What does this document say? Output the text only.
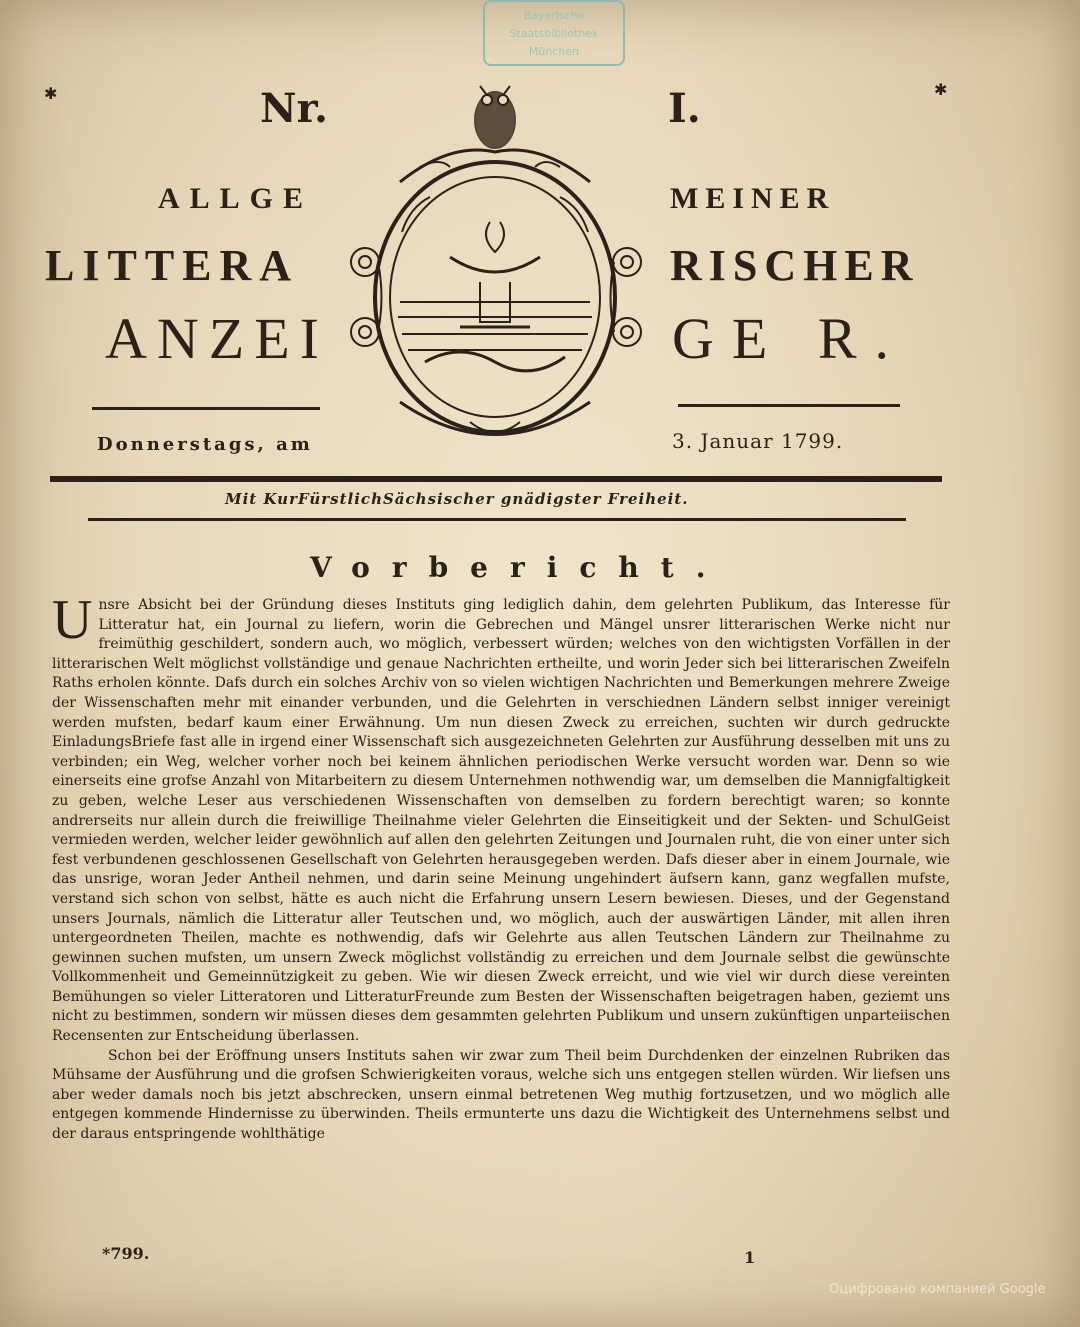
Bayerische
Staatsbibliothek
München
✱	✱
Nr.	I.
ALLGE	MEINER
LITTERA	RISCHER
ANZEI	GE R.
Donnerstags, am	3. Januar 1799.
Mit KurFürstlichSächsischer gnädigster Freiheit.
Vorbericht.

Unsre Absicht bei der Gründung dieses Instituts ging lediglich dahin, dem gelehrten Publikum, das Interesse für Litteratur hat, ein Journal zu liefern, worin die Gebrechen und Mängel unsrer litterarischen Werke nicht nur freimüthig geschildert, sondern auch, wo möglich, verbessert würden; welches von den wichtigsten Vorfällen in der litterarischen Welt möglichst vollständige und genaue Nachrichten ertheilte, und worin Jeder sich bei litterarischen Zweifeln Raths erholen könnte. Dafs durch ein solches Archiv von so vielen wichtigen Nachrichten und Bemerkungen mehrere Zweige der Wissenschaften mehr mit einander verbunden, und die Gelehrten in verschiednen Ländern selbst inniger vereinigt werden mufsten, bedarf kaum einer Erwähnung. Um nun diesen Zweck zu erreichen, suchten wir durch gedruckte EinladungsBriefe fast alle in irgend einer Wissenschaft sich ausgezeichneten Gelehrten zur Ausführung desselben mit uns zu verbinden; ein Weg, welcher vorher noch bei keinem ähnlichen periodischen Werke versucht worden war. Denn so wie einerseits eine grofse Anzahl von Mitarbeitern zu diesem Unternehmen nothwendig war, um demselben die Mannigfaltigkeit zu geben, welche Leser aus verschiedenen Wissenschaften von demselben zu fordern berechtigt waren; so konnte andrerseits nur allein durch die freiwillige Theilnahme vieler Gelehrten die Einseitigkeit und der Sekten- und SchulGeist vermieden werden, welcher leider gewöhnlich auf allen den gelehrten Zeitungen und Journalen ruht, die von einer unter sich fest verbundenen geschlossenen Gesellschaft von Gelehrten herausgegeben werden. Dafs dieser aber in einem Journale, wie das unsrige, woran Jeder Antheil nehmen, und darin seine Meinung ungehindert äufsern kann, ganz wegfallen mufste, verstand sich schon von selbst, hätte es auch nicht die Erfahrung unsern Lesern bewiesen. Dieses, und der Gegenstand unsers Journals, nämlich die Litteratur aller Teutschen und, wo möglich, auch der auswärtigen Länder, mit allen ihren untergeordneten Theilen, machte es nothwendig, dafs wir Gelehrte aus allen Teutschen Ländern zur Theilnahme zu gewinnen suchen mufsten, um unsern Zweck möglichst vollständig zu erreichen und dem Journale selbst die gewünschte Vollkommenheit und Gemeinnützigkeit zu geben. Wie wir diesen Zweck erreicht, und wie viel wir durch diese vereinten Bemühungen so vieler Litteratoren und LitteraturFreunde zum Besten der Wissenschaften beigetragen haben, geziemt uns nicht zu bestimmen, sondern wir müssen dieses dem gesammten gelehrten Publikum und unsern zukünftigen unparteiischen Recensenten zur Entscheidung überlassen.

Schon bei der Eröffnung unsers Instituts sahen wir zwar zum Theil beim Durchdenken der einzelnen Rubriken das Mühsame der Ausführung und die grofsen Schwierigkeiten voraus, welche sich uns entgegen stellen würden. Wir liefsen uns aber weder damals noch bis jetzt abschrecken, unsern einmal betretenen Weg muthig fortzusetzen, und wo möglich alle entgegen kommende Hindernisse zu überwinden. Theils ermunterte uns dazu die Wichtigkeit des Unternehmens selbst und der daraus entspringende wohlthätige

*799.	1
Оцифровано компанией Google
